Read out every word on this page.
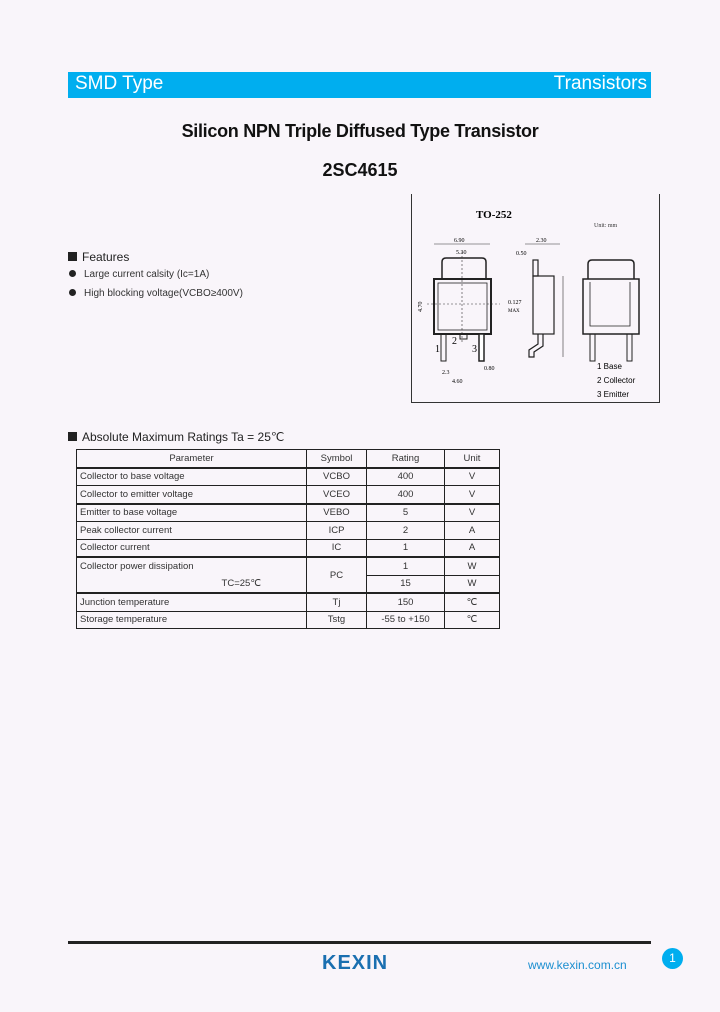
SMD Type	Transistors
Silicon NPN Triple Diffused Type Transistor
2SC4615
Features
Large current calsity (Ic=1A)
High blocking voltage(VCBO≥400V)
TO-252
Unit: mm
6.90
5.30
1
2
3
4.70
2.3
4.60
0.80
2.30
0.50
0.127
MAX
1 Base
2 Collector
3 Emitter
Absolute Maximum Ratings Ta = 25℃
Parameter	Symbol	Rating	Unit
Collector to base voltage	VCBO	400	V
Collector to emitter voltage	VCEO	400	V
Emitter to base voltage	VEBO	5	V
Peak collector current	ICP	2	A
Collector current	IC	1	A
Collector power dissipation	PC	1	W
TC=25℃		15	W
Junction temperature	Tj	150	℃
Storage temperature	Tstg	-55 to +150	℃
KEXIN	www.kexin.com.cn	1
